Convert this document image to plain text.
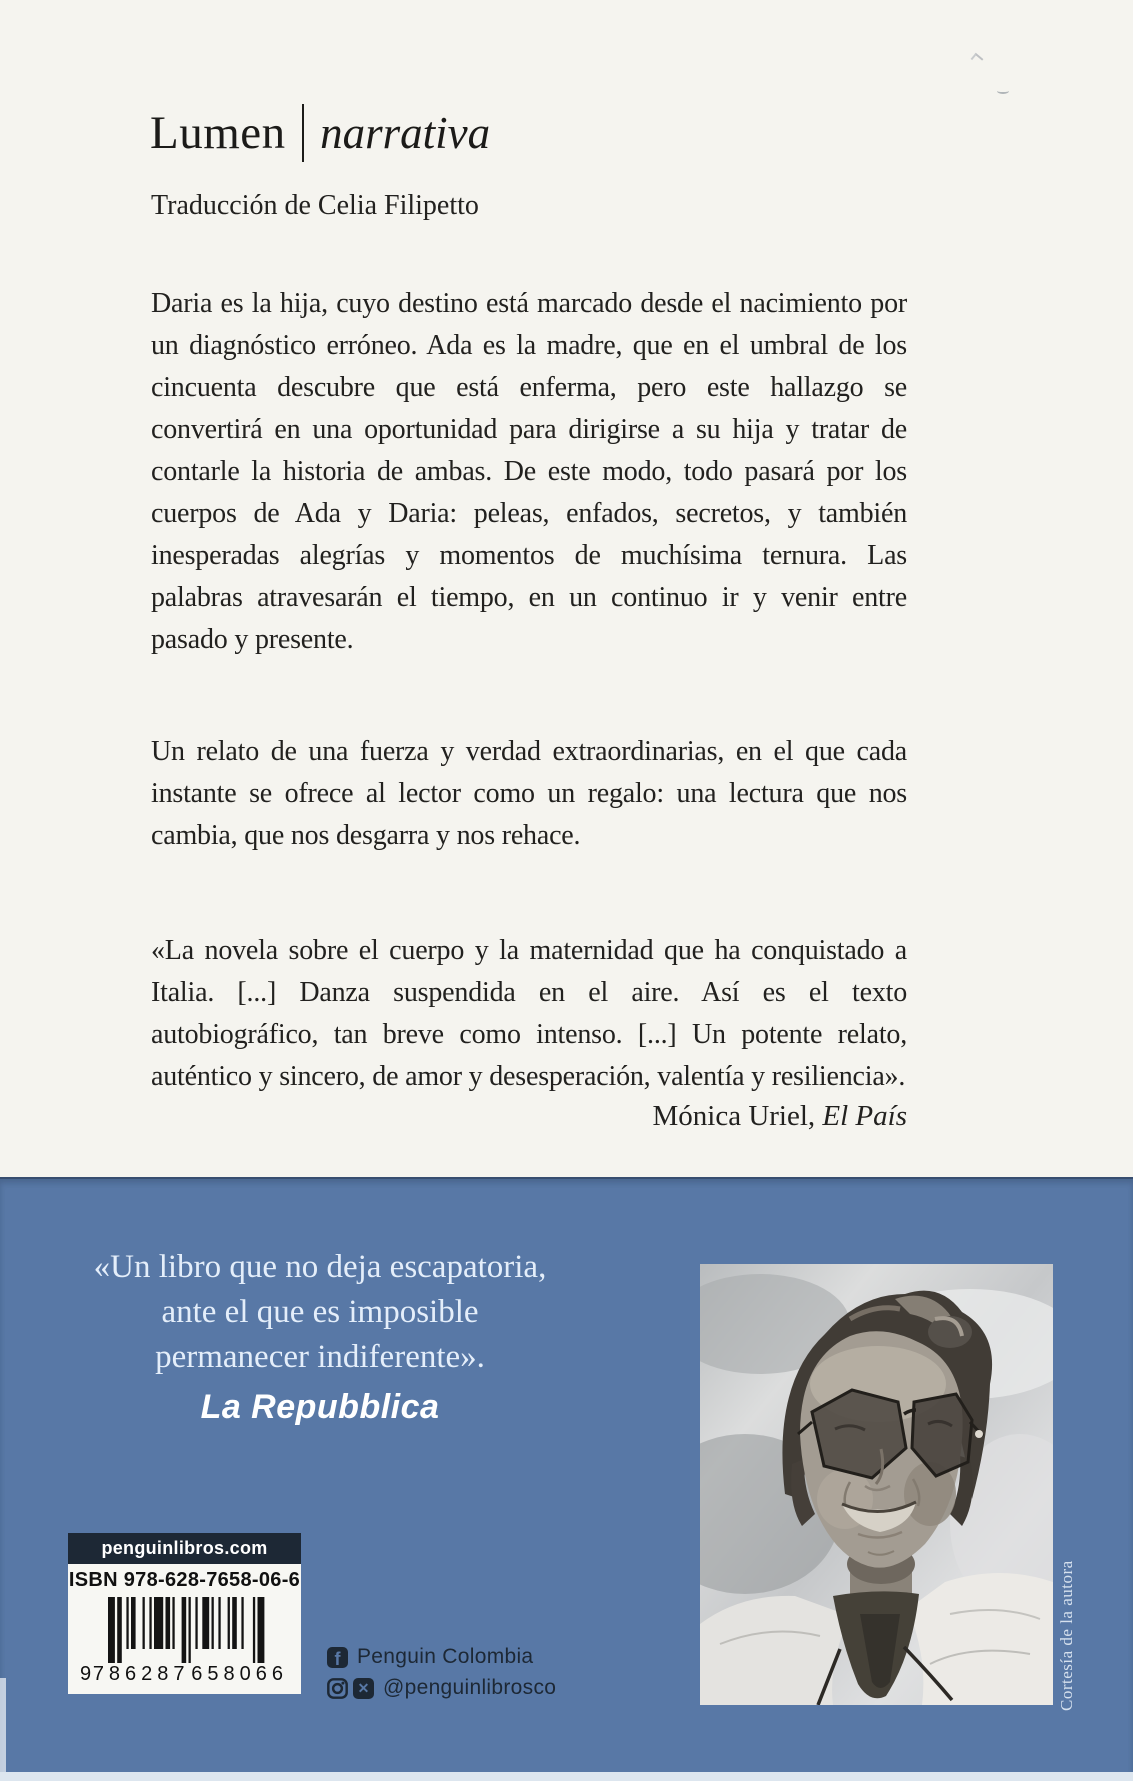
Lumen narrativa
Traducción de Celia Filipetto

Daria es la hija, cuyo destino está marcado desde el nacimiento por un diagnóstico erróneo. Ada es la madre, que en el umbral de los cincuenta descubre que está enferma, pero este hallazgo se convertirá en una oportunidad para dirigirse a su hija y tratar de contarle la historia de ambas. De este modo, todo pasará por los cuerpos de Ada y Daria: peleas, enfados, secretos, y también inesperadas alegrías y momentos de muchísima ternura. Las palabras atravesarán el tiempo, en un continuo ir y venir entre pasado y presente.

Un relato de una fuerza y verdad extraordinarias, en el que cada instante se ofrece al lector como un regalo: una lectura que nos cambia, que nos desgarra y nos rehace.

«La novela sobre el cuerpo y la maternidad que ha conquistado a Italia. [...] Danza suspendida en el aire. Así es el texto autobiográfico, tan breve como intenso. [...] Un potente relato, auténtico y sincero, de amor y desesperación, valentía y resiliencia».

Mónica Uriel, El País
«Un libro que no deja escapatoria,
ante el que es imposible
permanecer indiferente».
La Repubblica
Cortesía de la autora
penguinlibros.com
ISBN 978-628-7658-06-6
9 786287 658066
f Penguin Colombia
✕ @penguinlibrosco
